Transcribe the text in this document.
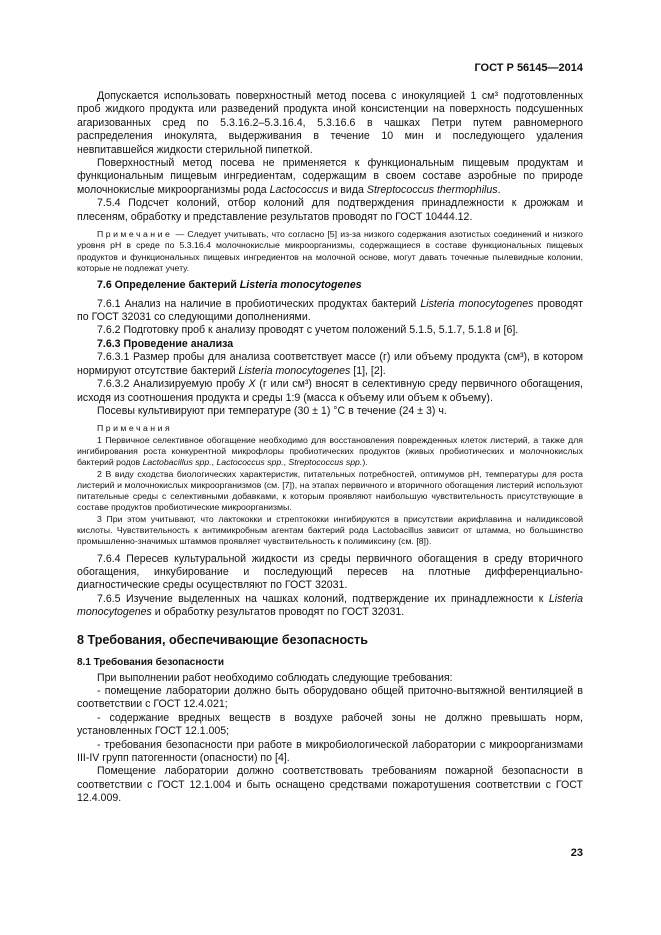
ГОСТ Р 56145—2014

Допускается использовать поверхностный метод посева с инокуляцией 1 см³ подготовленных проб жидкого продукта или разведений продукта иной консистенции на поверхность подсушенных агаризованных сред по 5.3.16.2–5.3.16.4, 5.3.16.6 в чашках Петри путем равномерного распределения инокулята, выдерживания в течение 10 мин и последующего удаления невпитавшейся жидкости стерильной пипеткой.

Поверхностный метод посева не применяется к функциональным пищевым продуктам и функциональным пищевым ингредиентам, содержащим в своем составе аэробные по природе молочнокислые микроорганизмы рода Lactococcus и вида Streptococcus thermophilus.

7.5.4 Подсчет колоний, отбор колоний для подтверждения принадлежности к дрожжам и плесеням, обработку и представление результатов проводят по ГОСТ 10444.12.

Примечание — Следует учитывать, что согласно [5] из-за низкого содержания азотистых соединений и низкого уровня рН в среде по 5.3.16.4 молочнокислые микроорганизмы, содержащиеся в составе функциональных пищевых продуктов и функциональных пищевых ингредиентов на молочной основе, могут давать точечные пылевидные колонии, которые не подлежат учету.

7.6 Определение бактерий Listeria monocytogenes

7.6.1 Анализ на наличие в пробиотических продуктах бактерий Listeria monocytogenes проводят по ГОСТ 32031 со следующими дополнениями.

7.6.2 Подготовку проб к анализу проводят с учетом положений 5.1.5, 5.1.7, 5.1.8 и [6].

7.6.3 Проведение анализа

7.6.3.1 Размер пробы для анализа соответствует массе (г) или объему продукта (см³), в котором нормируют отсутствие бактерий Listeria monocytogenes [1], [2].

7.6.3.2 Анализируемую пробу X (г или см³) вносят в селективную среду первичного обогащения, исходя из соотношения продукта и среды 1:9 (масса к объему или объем к объему).

Посевы культивируют при температуре (30 ± 1) °С в течение (24 ± 3) ч.

Примечания

1 Первичное селективное обогащение необходимо для восстановления поврежденных клеток листерий, а также для ингибирования роста конкурентной микрофлоры пробиотических продуктов (живых пробиотических и молочнокислых бактерий родов Lactobacillus spp., Lactococcus spp., Streptococcus spp.).

2 В виду сходства биологических характеристик, питательных потребностей, оптимумов pH, температуры для роста листерий и молочнокислых микроорганизмов (см. [7]), на этапах первичного и вторичного обогащения листерий используют питательные среды с селективными добавками, к которым проявляют наибольшую чувствительность присутствующие в составе продуктов пробиотические микроорганизмы.

3 При этом учитывают, что лактококки и стрептококки ингибируются в присутствии акрифлавина и налидиксовой кислоты. Чувствительность к антимикробным агентам бактерий рода Lactobacillus зависит от штамма, но большинство промышленно-значимых штаммов проявляет чувствительность к полимиксину (см. [8]).

7.6.4 Пересев культуральной жидкости из среды первичного обогащения в среду вторичного обогащения, инкубирование и последующий пересев на плотные дифференциально-диагностические среды осуществляют по ГОСТ 32031.

7.6.5 Изучение выделенных на чашках колоний, подтверждение их принадлежности к Listeria monocytogenes и обработку результатов проводят по ГОСТ 32031.

8 Требования, обеспечивающие безопасность

8.1 Требования безопасности

При выполнении работ необходимо соблюдать следующие требования:

- помещение лаборатории должно быть оборудовано общей приточно-вытяжной вентиляцией в соответствии с ГОСТ 12.4.021;

- содержание вредных веществ в воздухе рабочей зоны не должно превышать норм, установленных ГОСТ 12.1.005;

- требования безопасности при работе в микробиологической лаборатории с микроорганизмами III-IV групп патогенности (опасности) по [4].

Помещение лаборатории должно соответствовать требованиям пожарной безопасности в соответствии с ГОСТ 12.1.004 и быть оснащено средствами пожаротушения соответствии с ГОСТ 12.4.009.

23
